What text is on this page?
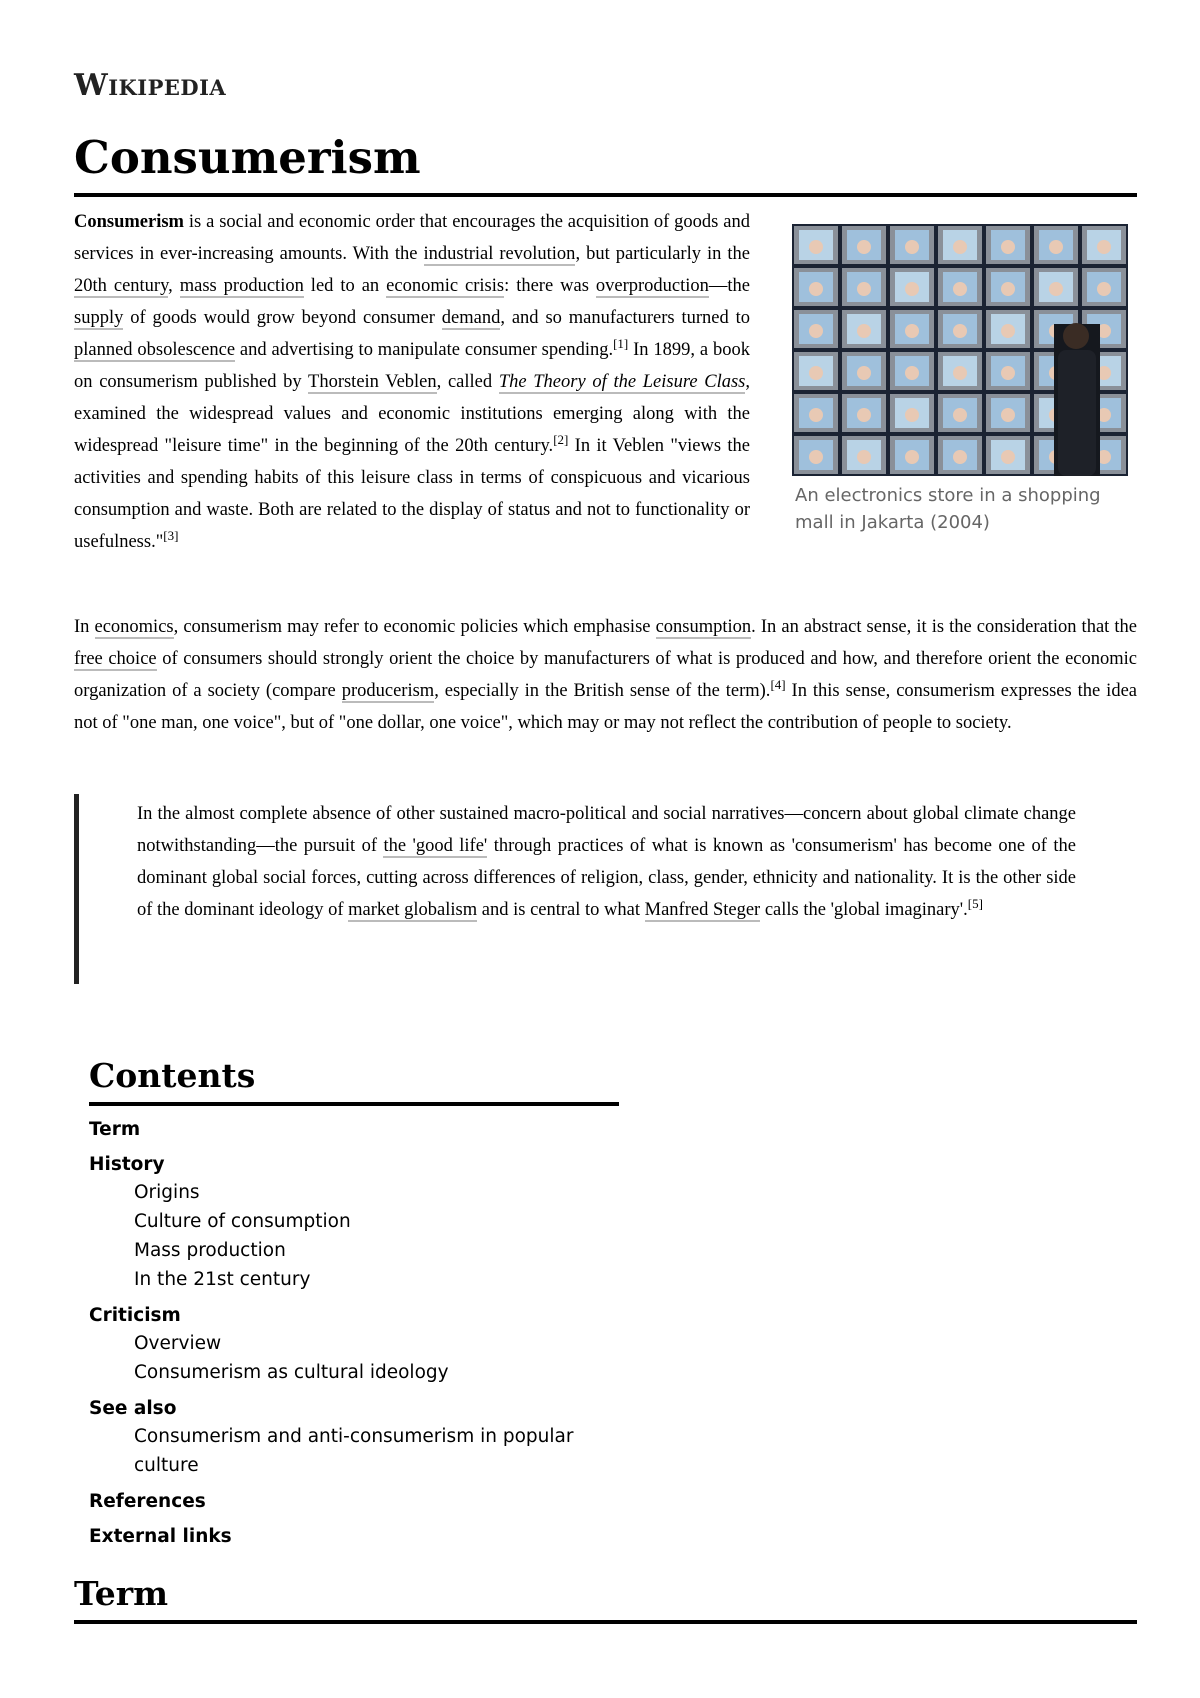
Wikipedia
Consumerism

Consumerism is a social and economic order that encourages the acquisition of goods and services in ever-increasing amounts. With the industrial revolution, but particularly in the 20th century, mass production led to an economic crisis: there was overproduction—the supply of goods would grow beyond consumer demand, and so manufacturers turned to planned obsolescence and advertising to manipulate consumer spending.[1] In 1899, a book on consumerism published by Thorstein Veblen, called The Theory of the Leisure Class, examined the widespread values and economic institutions emerging along with the widespread "leisure time" in the beginning of the 20th century.[2] In it Veblen "views the activities and spending habits of this leisure class in terms of conspicuous and vicarious consumption and waste. Both are related to the display of status and not to functionality or usefulness."[3]

An electronics store in a shopping mall in Jakarta (2004)

In economics, consumerism may refer to economic policies which emphasise consumption. In an abstract sense, it is the consideration that the free choice of consumers should strongly orient the choice by manufacturers of what is produced and how, and therefore orient the economic organization of a society (compare producerism, especially in the British sense of the term).[4] In this sense, consumerism expresses the idea not of "one man, one voice", but of "one dollar, one voice", which may or may not reflect the contribution of people to society.

In the almost complete absence of other sustained macro-political and social narratives—concern about global climate change notwithstanding—the pursuit of the 'good life' through practices of what is known as 'consumerism' has become one of the dominant global social forces, cutting across differences of religion, class, gender, ethnicity and nationality. It is the other side of the dominant ideology of market globalism and is central to what Manfred Steger calls the 'global imaginary'.[5]

Contents
Term
History
Origins
Culture of consumption
Mass production
In the 21st century
Criticism
Overview
Consumerism as cultural ideology
See also
Consumerism and anti-consumerism in popular culture
References
External links
Term
